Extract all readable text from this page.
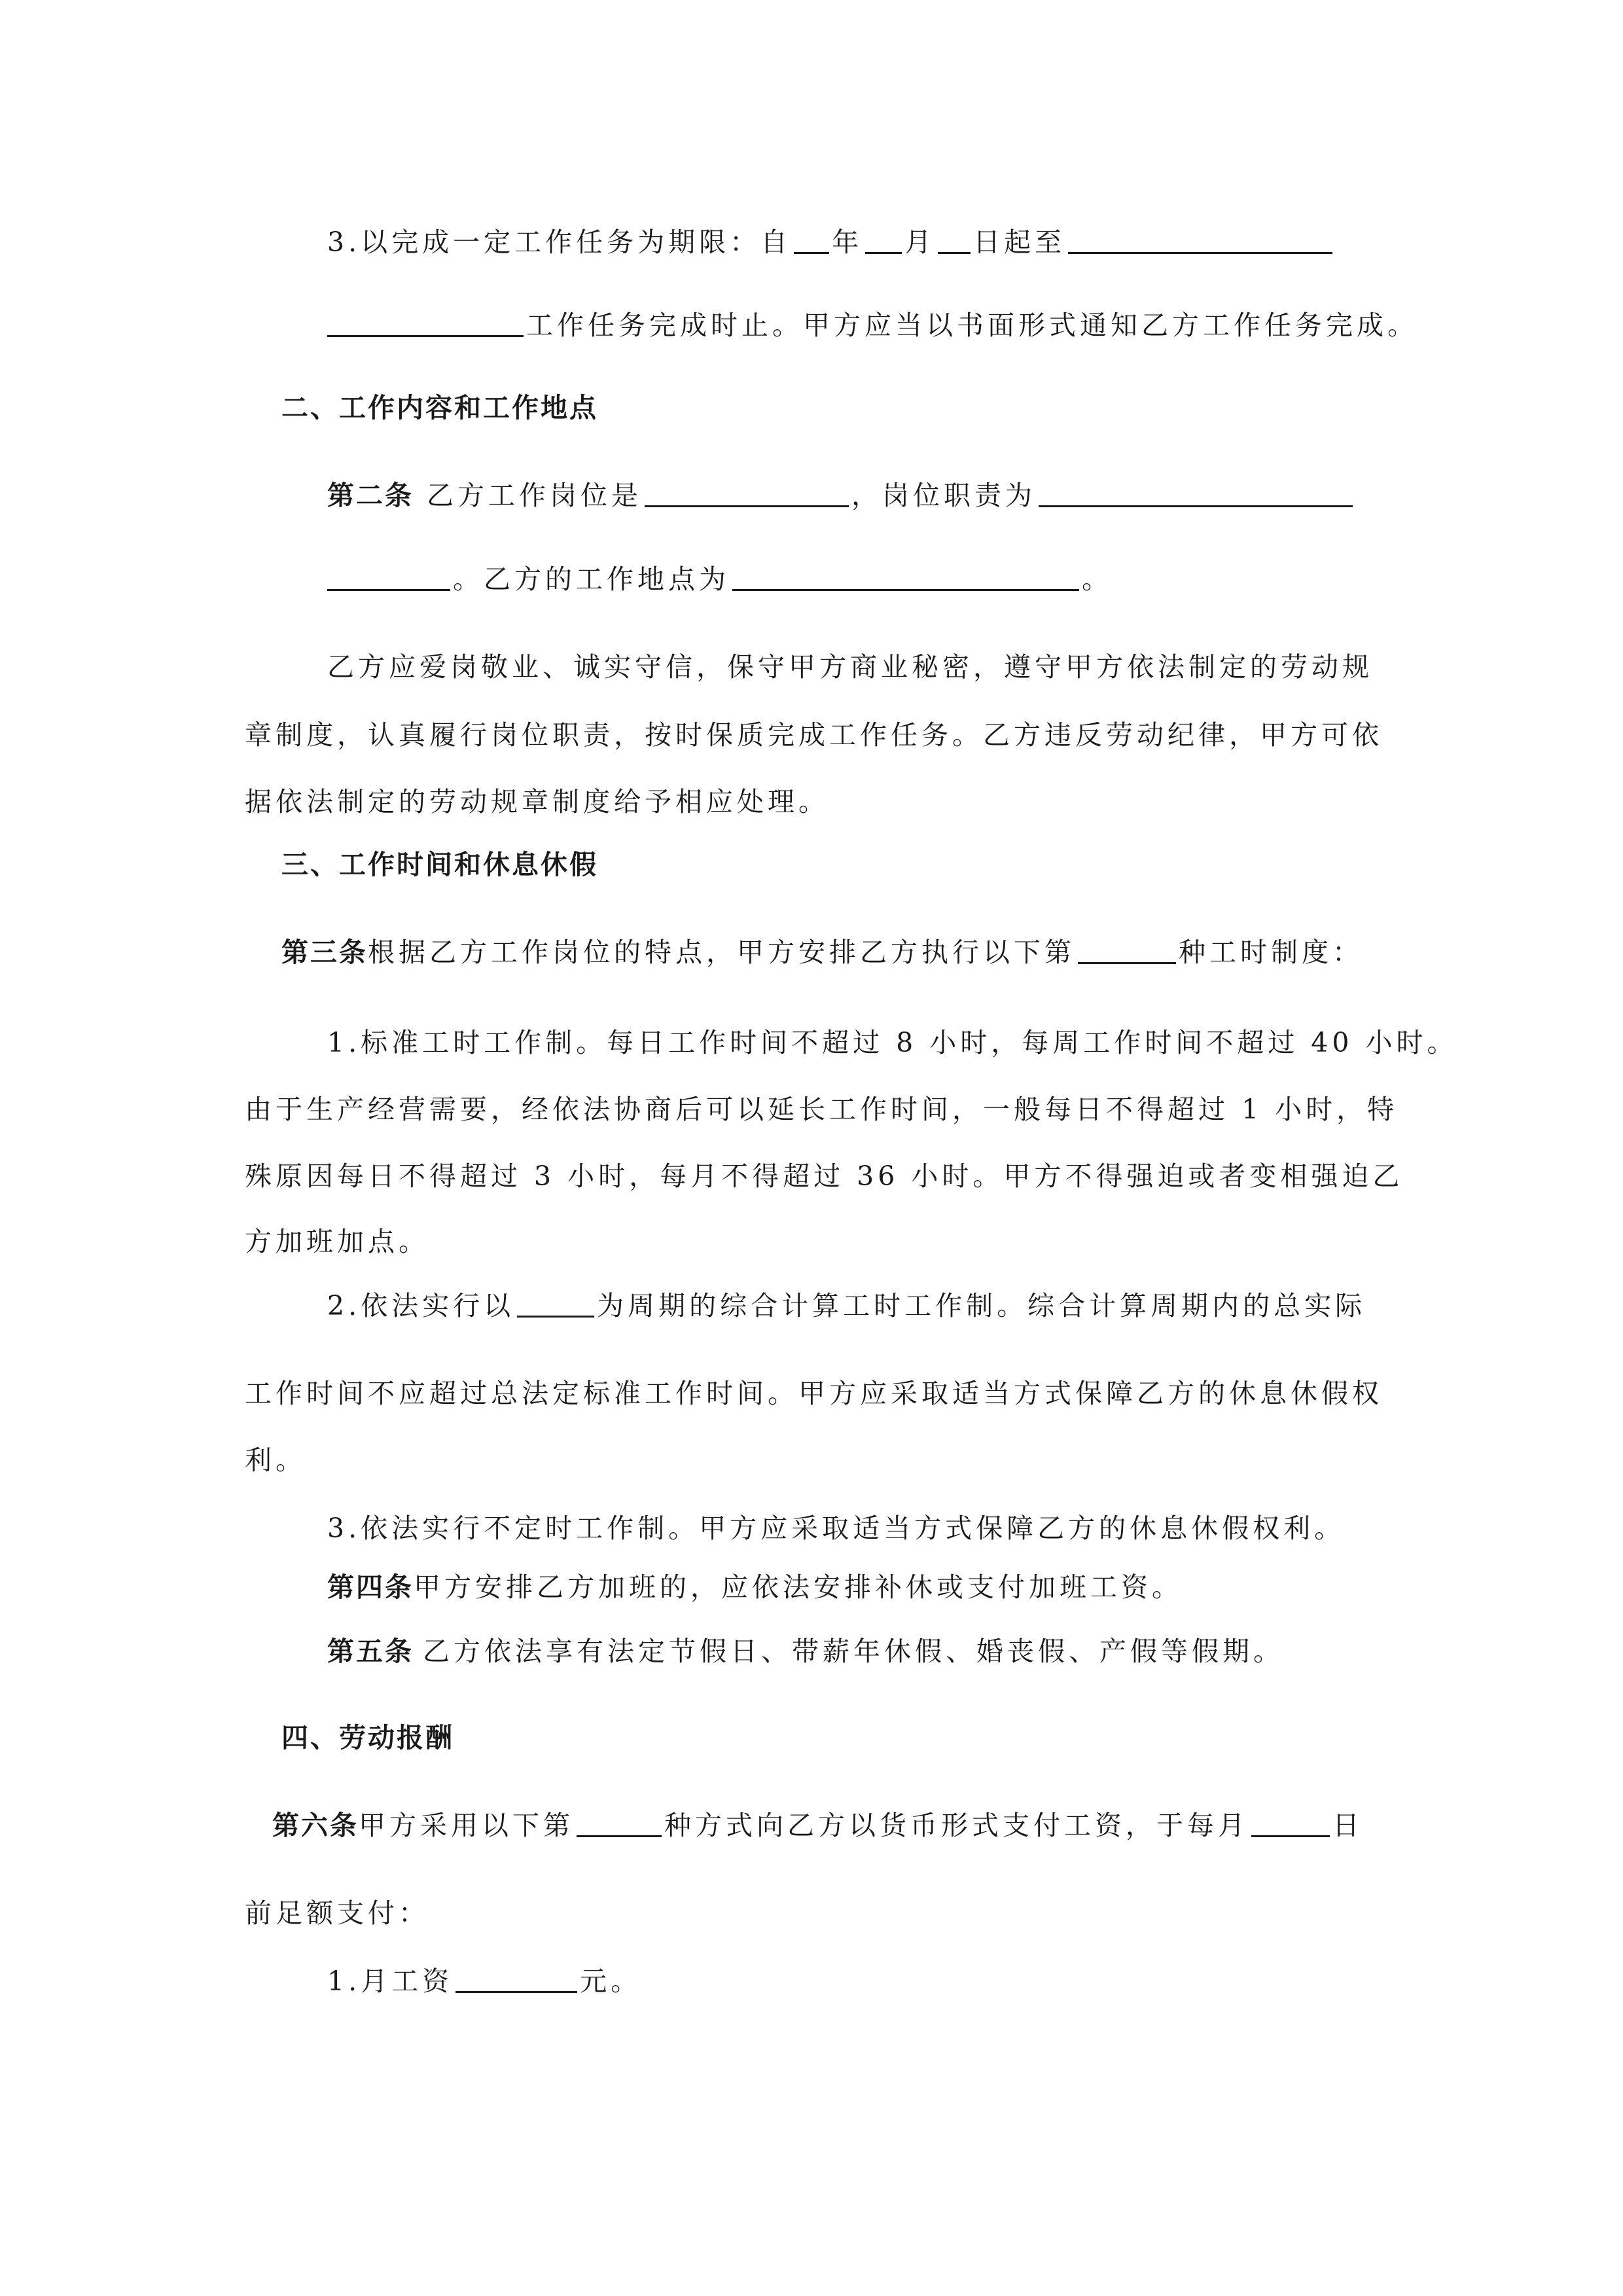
3.以完成一定工作任务为期限：自 年 月 日起至
工作任务完成时止。甲方应当以书面形式通知乙方工作任务完成。
二、工作内容和工作地点
第二条 乙方工作岗位是	，岗位职责为
。乙方的工作地点为	。
乙方应爱岗敬业、诚实守信，保守甲方商业秘密，遵守甲方依法制定的劳动规
章制度，认真履行岗位职责，按时保质完成工作任务。乙方违反劳动纪律，甲方可依
据依法制定的劳动规章制度给予相应处理。
三、工作时间和休息休假
第三条根据乙方工作岗位的特点，甲方安排乙方执行以下第	种工时制度：
1.标准工时工作制。每日工作时间不超过 8 小时，每周工作时间不超过 40 小时。
由于生产经营需要，经依法协商后可以延长工作时间，一般每日不得超过 1 小时，特
殊原因每日不得超过 3 小时，每月不得超过 36 小时。甲方不得强迫或者变相强迫乙
方加班加点。
2.依法实行以	为周期的综合计算工时工作制。综合计算周期内的总实际
工作时间不应超过总法定标准工作时间。甲方应采取适当方式保障乙方的休息休假权
利。
3.依法实行不定时工作制。甲方应采取适当方式保障乙方的休息休假权利。
第四条甲方安排乙方加班的，应依法安排补休或支付加班工资。
第五条 乙方依法享有法定节假日、带薪年休假、婚丧假、产假等假期。
四、劳动报酬
第六条甲方采用以下第	种方式向乙方以货币形式支付工资，于每月	日
前足额支付：
1.月工资	元。
